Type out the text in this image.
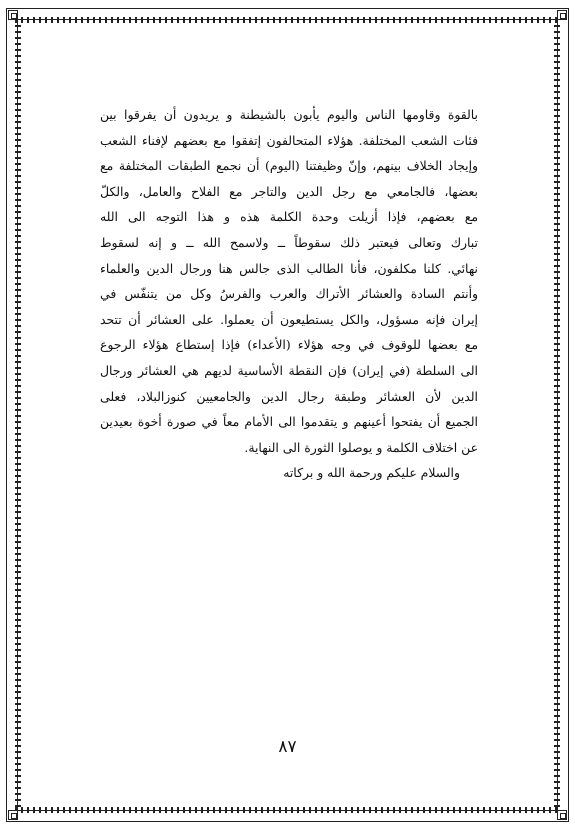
بالقوة وقاومها الناس واليوم يأبون بالشيطنة و يريدون أن يفرقوا بين
فئات الشعب المختلفة. هؤلاء المتحالفون إتفقوا مع بعضهم لإفناء الشعب
وإيجاد الخلاف بينهم، وإنّ وظيفتنا (اليوم) أن نجمع الطبقات المختلفة مع
بعضها، فالجامعي مع رجل الدين والتاجر مع الفلاح والعامل، والكلّ
مع بعضهم، فإذا أزيلت وحدة الكلمة هذه و هذا التوجه الى الله
تبارك وتعالى فيعتبر ذلك سقوطاً ــ ولاسمح الله ــ و إنه لسقوط
نهائي. كلنا مكلفون، فأنا الطالب الذى جالس هنا ورجال الدين والعلماء
وأنتم السادة والعشائر الأتراك والعرب والفرسُ وكل من يتنفّس في
إيران فإنه مسؤول، والكل يستطيعون أن يعملوا. على العشائر أن تتحد
مع بعضها للوقوف في وجه هؤلاء (الأعداء) فإذا إستطاع هؤلاء الرجوع
الى السلطة (في إيران) فإن النقطة الأساسية لديهم هي العشائر ورجال
الدين لأن العشائر وطبقة رجال الدين والجامعيين كنوزالبلاد، فعلى
الجميع أن يفتحوا أعينهم و يتقدموا الى الأمام معاً في صورة أخوة بعيدين
عن اختلاف الكلمة و يوصلوا الثورة الى النهاية.
والسلام عليكم ورحمة الله و بركاته
٨٧
